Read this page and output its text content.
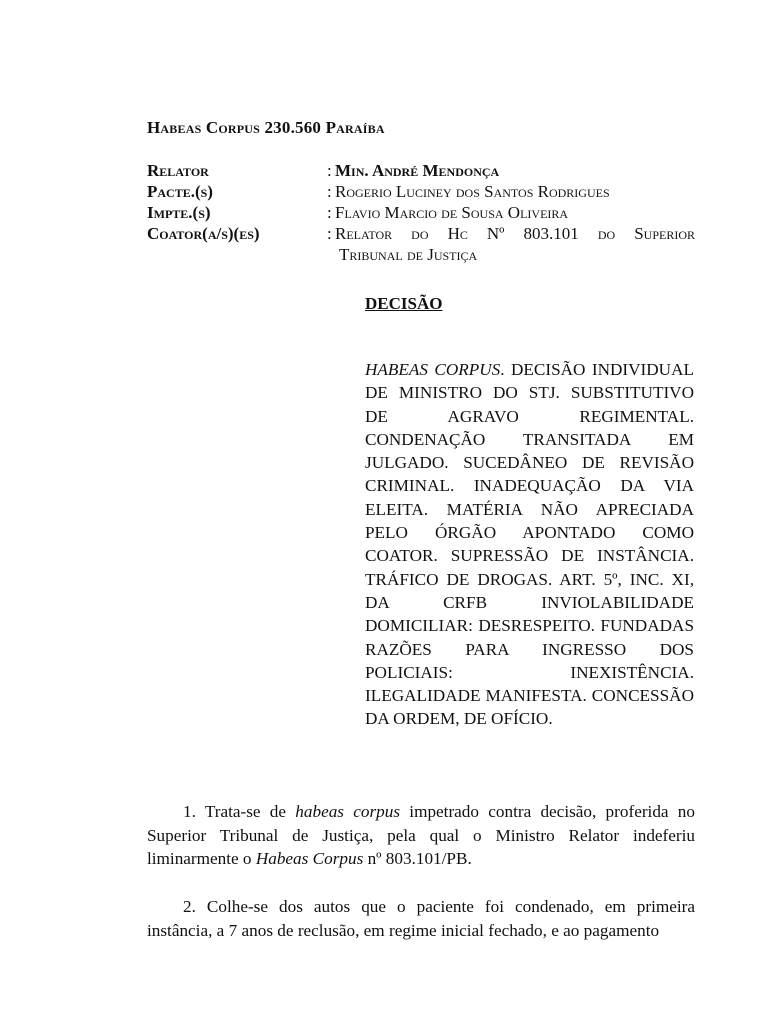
Habeas Corpus 230.560 Paraíba
Relator	: Min. André Mendonça
Pacte.(s)	: Rogerio Luciney dos Santos Rodrigues
Impte.(s)	: Flavio Marcio de Sousa Oliveira
Coator(a/s)(es)	: Relator do Hc Nº 803.101 do Superior
Tribunal de Justiça
DECISÃO

HABEAS CORPUS. DECISÃO INDIVIDUAL DE MINISTRO DO STJ. SUBSTITUTIVO DE AGRAVO REGIMENTAL. CONDENAÇÃO TRANSITADA EM JULGADO. SUCEDÂNEO DE REVISÃO CRIMINAL. INADEQUAÇÃO DA VIA ELEITA. MATÉRIA NÃO APRECIADA PELO ÓRGÃO APONTADO COMO COATOR. SUPRESSÃO DE INSTÂNCIA. TRÁFICO DE DROGAS. ART. 5º, INC. XI, DA CRFB INVIOLABILIDADE DOMICILIAR: DESRESPEITO. FUNDADAS RAZÕES PARA INGRESSO DOS POLICIAIS: INEXISTÊNCIA. ILEGALIDADE MANIFESTA. CONCESSÃO DA ORDEM, DE OFÍCIO.

1. Trata-se de habeas corpus impetrado contra decisão, proferida no Superior Tribunal de Justiça, pela qual o Ministro Relator indeferiu liminarmente o Habeas Corpus nº 803.101/PB.

2. Colhe-se dos autos que o paciente foi condenado, em primeira instância, a 7 anos de reclusão, em regime inicial fechado, e ao pagamento
